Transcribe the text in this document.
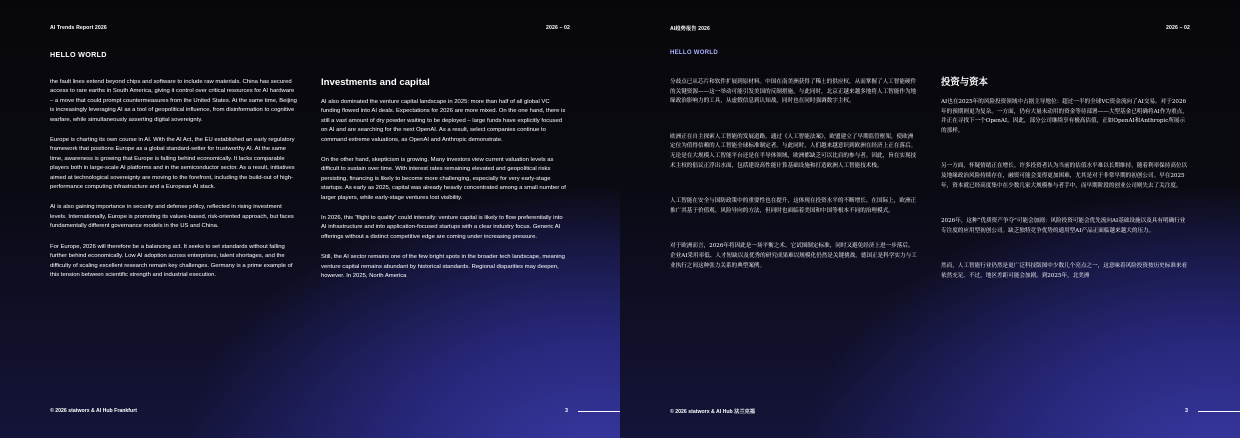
AI Trends Report 2026	2026 – 02
HELLO WORLD

the fault lines extend beyond chips and software to include raw materials. China has secured access to rare earths in South America, giving it control over critical resources for AI hardware – a move that could prompt countermeasures from the United States. At the same time, Beijing is increasingly leveraging AI as a tool of geopolitical influence, from disinformation to cognitive warfare, while simultaneously asserting digital sovereignty.

Europe is charting its own course in AI. With the AI Act, the EU established an early regulatory framework that positions Europe as a global standard-setter for trustworthy AI. At the same time, awareness is growing that Europe is falling behind economically. It lacks comparable players both in large-scale AI platforms and in the semiconductor sector. As a result, initiatives aimed at technological sovereignty are moving to the forefront, including the build-out of high-performance computing infrastructure and a European AI stack.

AI is also gaining importance in security and defense policy, reflected in rising investment levels. Internationally, Europe is promoting its values-based, risk-oriented approach, but faces fundamentally different governance models in the US and China.

For Europe, 2026 will therefore be a balancing act. It seeks to set standards without falling further behind economically. Low AI adoption across enterprises, talent shortages, and the difficulty of scaling excellent research remain key challenges. Germany is a prime example of this tension between scientific strength and industrial execution.

Investments and capital

AI also dominated the venture capital landscape in 2025: more than half of all global VC funding flowed into AI deals. Expectations for 2026 are more mixed. On the one hand, there is still a vast amount of dry powder waiting to be deployed – large funds have explicitly focused on AI and are searching for the next OpenAI. As a result, select companies continue to command extreme valuations, as OpenAI and Anthropic demonstrate.

On the other hand, skepticism is growing. Many investors view current valuation levels as difficult to sustain over time. With interest rates remaining elevated and geopolitical risks persisting, financing is likely to become more challenging, especially for very early-stage startups. As early as 2025, capital was already heavily concentrated among a small number of larger players, while early-stage ventures lost visibility.

In 2026, this “flight to quality” could intensify: venture capital is likely to flow preferentially into AI infrastructure and into application-focused startups with a clear industry focus. Generic AI offerings without a distinct competitive edge are coming under increasing pressure.

Still, the AI sector remains one of the few bright spots in the broader tech landscape, meaning venture capital remains abundant by historical standards. Regional disparities may deepen, however. In 2025, North America

© 2026 statworx & AI Hub Frankfurt	3
AI趋势报告 2026	2026 – 02
HELLO WORLD

分歧点已从芯片和软件扩展到原材料。中国在南美洲获得了稀土的供应权，从而掌握了人工智能硬件的关键资源——这一举动可能引发美国的反制措施。与此同时，北京正越来越多地将人工智能作为地缘政治影响力的工具，从虚假信息到认知战，同时也在同时强调数字主权。

欧洲正在自主探索人工智能的发展道路。通过《人工智能法案》，欧盟建立了早期监管框架，使欧洲定位为值得信赖的人工智能全球标准制定者。与此同时，人们越来越意识到欧洲在经济上正在落后。无论是在大规模人工智能平台还是在半导体领域，欧洲都缺乏可以比肩的参与者。因此，旨在实现技术主权的倡议正浮出水面，包括建设高性能计算基础设施和打造欧洲人工智能技术栈。

人工智能在安全与国防政策中的重要性也在提升，这体现在投资水平的不断增长。在国际上，欧洲正推广其基于价值观、风险导向的方法，但同时也面临着美国和中国等根本不同的治理模式。

对于欧洲而言，2026年将因此是一场平衡之术。它试图制定标准，同时又避免经济上进一步落后。企业AI采用率低、人才短缺以及优秀的研究成果难以规模化仍然是关键挑战。德国正是科学实力与工业执行之间这种张力关系的典型案例。

投资与资本

AI也在2025年的风险投资领域中占据主导地位：超过一半的全球VC资金流向了AI交易。对于2026年的预期则更为复杂。一方面，仍有大量未动用的资金等待部署——大型基金已明确将AI作为重点，并正在寻找下一个OpenAI。因此，部分公司继续享有极高估值，正如OpenAI和Anthropic所展示的那样。

另一方面，怀疑情绪正在增长。许多投资者认为当前的估值水平难以长期维持。随着利率保持高位以及地缘政治风险持续存在，融资可能会变得更加困难，尤其是对于非常早期的初创公司。早在2025年，资本就已经高度集中在少数几家大规模参与者手中，而早期阶段的创业公司则失去了关注度。

2026年，这种“优质资产争夺”可能会加剧：风险投资可能会优先流向AI基础设施以及具有明确行业专注度的应用型初创公司。缺乏独特竞争优势的通用型AI产品正面临越来越大的压力。

然而，人工智能行业仍然是更广泛科技版图中少数几个亮点之一，这意味着风险投资按历史标准来看依然充足。不过，地区差距可能会加剧。到2025年，北美洲

© 2026 statworx & AI Hub 法兰克福	3
